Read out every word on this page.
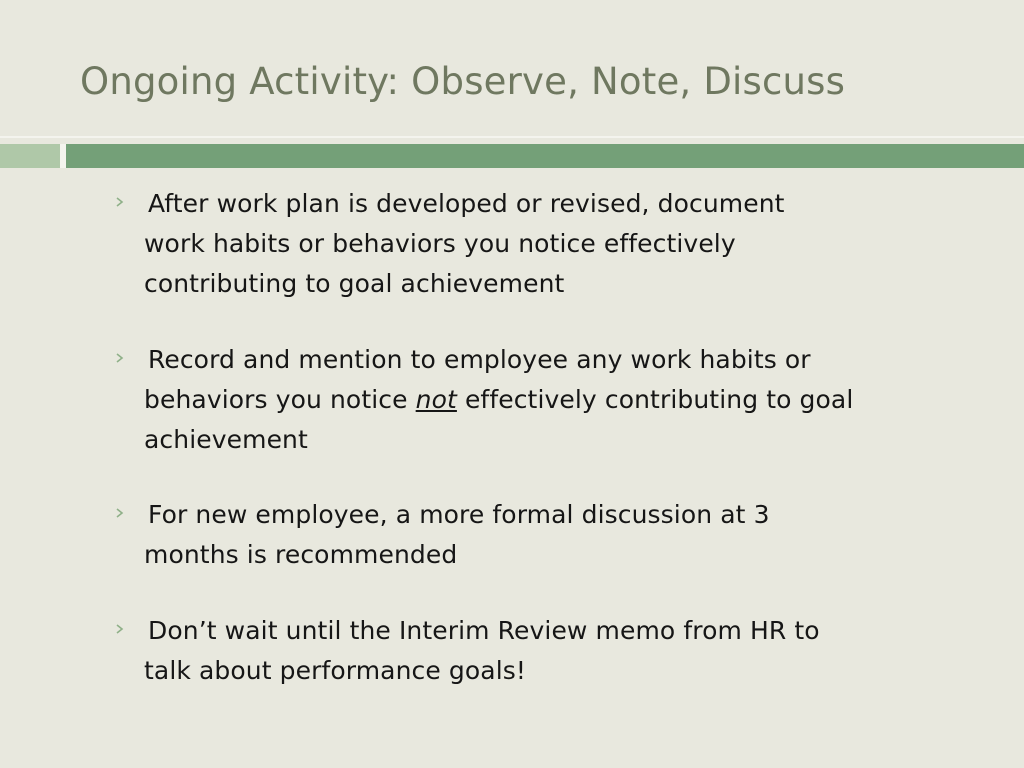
Ongoing Activity: Observe, Note, Discuss
After work plan is developed or revised, document
work habits or behaviors you notice effectively
contributing to goal achievement
Record and mention to employee any work habits or
behaviors you notice not effectively contributing to goal
achievement
For new employee, a more formal discussion at 3
months is recommended
Don’t wait until the Interim Review memo from HR to
talk about performance goals!
